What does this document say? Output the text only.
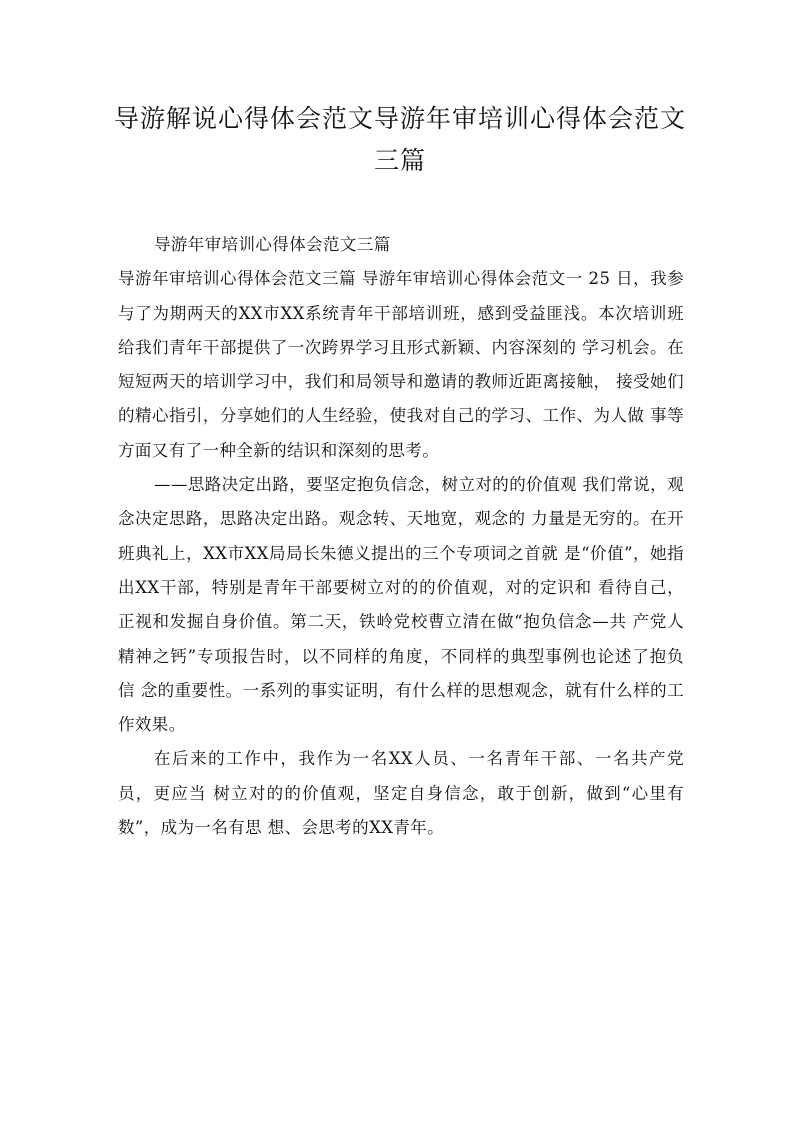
导游解说心得体会范文导游年审培训心得体会范文三篇

导游年审培训心得体会范文三篇

导游年审培训心得体会范文三篇 导游年审培训心得体会范文一 25 日，我参与了为期两天的XX市XX系统青年干部培训班，感到受益匪浅。本次培训班给我们青年干部提供了一次跨界学习且形式新颖、内容深刻的 学习机会。在短短两天的培训学习中，我们和局领导和邀请的教师近距离接触， 接受她们的精心指引，分享她们的人生经验，使我对自己的学习、工作、为人做 事等方面又有了一种全新的结识和深刻的思考。

——思路决定出路，要坚定抱负信念，树立对的的价值观 我们常说，观念决定思路，思路决定出路。观念转、天地宽，观念的 力量是无穷的。在开班典礼上，XX市XX局局长朱德义提出的三个专项词之首就 是“价值”，她指出XX干部，特别是青年干部要树立对的的价值观，对的定识和 看待自己，正视和发掘自身价值。第二天，铁岭党校曹立清在做“抱负信念—共 产党人精神之钙”专项报告时，以不同样的角度，不同样的典型事例也论述了抱负信 念的重要性。一系列的事实证明，有什么样的思想观念，就有什么样的工作效果。

在后来的工作中，我作为一名XX人员、一名青年干部、一名共产党员，更应当 树立对的的价值观，坚定自身信念，敢于创新，做到“心里有数”，成为一名有思 想、会思考的XX青年。
